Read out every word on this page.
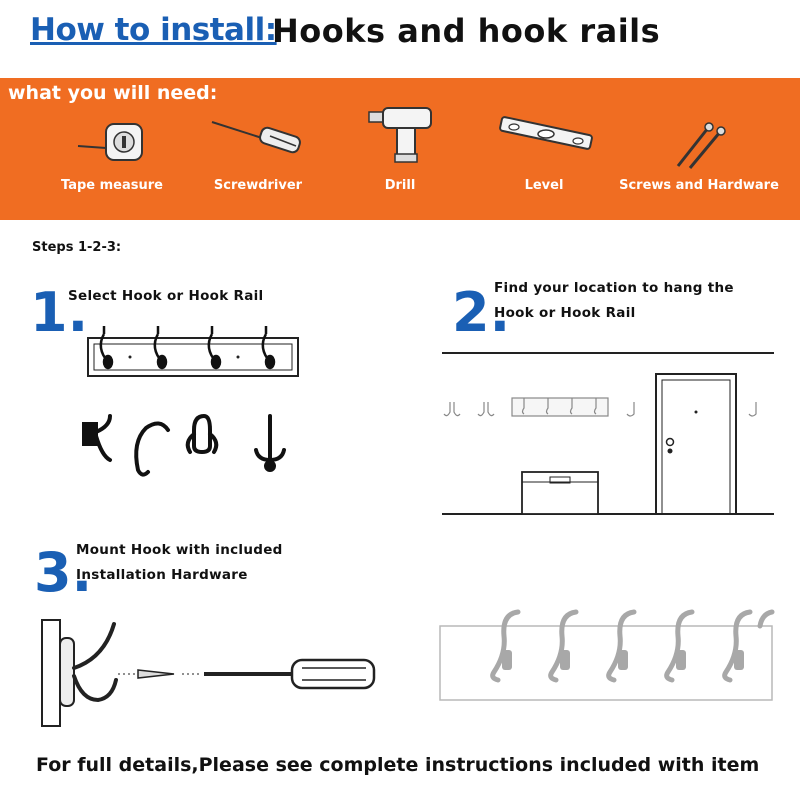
How to install:
Hooks and hook rails
what you will need:
Tape measure	Screwdriver	Drill	Level	Screws and Hardware
Steps 1-2-3:
1.
Select Hook or Hook Rail	2.
Find your location to hang the
Hook or Hook Rail
3.
Mount Hook with included
Installation Hardware
For full details,Please see complete instructions included with item
